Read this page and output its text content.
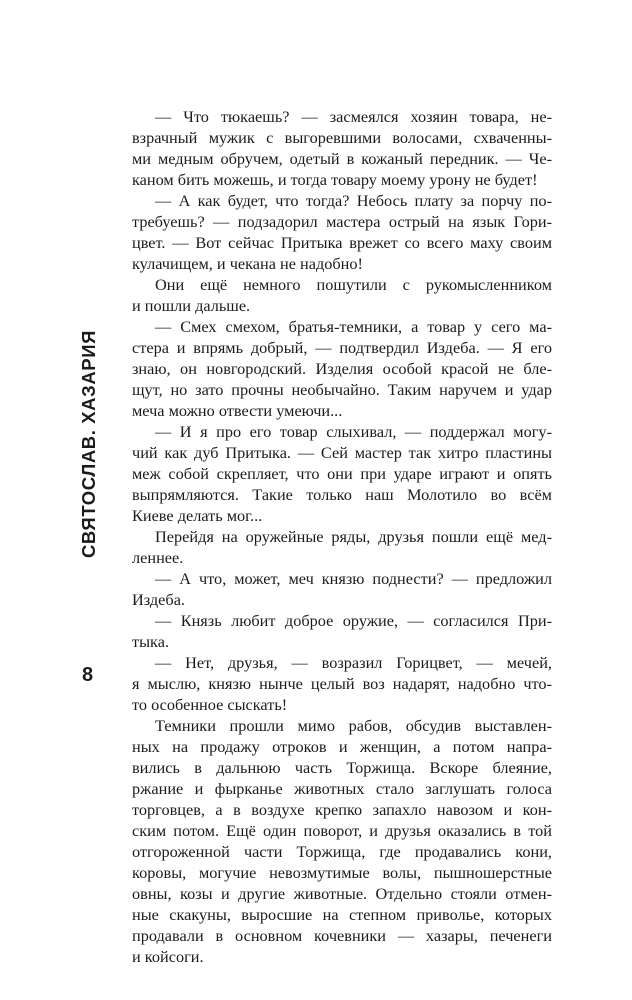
СВЯТОСЛАВ. ХАЗАРИЯ
8
— Что тюкаешь? — засмеялся хозяин товара, не-
взрачный мужик с выгоревшими волосами, схваченны-
ми медным обручем, одетый в кожаный передник. — Че-
каном бить можешь, и тогда товару моему урону не будет!
— А как будет, что тогда? Небось плату за порчу по-
требуешь? — подзадорил мастера острый на язык Гори-
цвет. — Вот сейчас Притыка врежет со всего маху своим
кулачищем, и чекана не надобно!
Они ещё немного пошутили с рукомысленником
и пошли дальше.
— Смех смехом, братья-темники, а товар у сего ма-
стера и впрямь добрый, — подтвердил Издеба. — Я его
знаю, он новгородский. Изделия особой красой не бле-
щут, но зато прочны необычайно. Таким наручем и удар
меча можно отвести умеючи...
— И я про его товар слыхивал, — поддержал могу-
чий как дуб Притыка. — Сей мастер так хитро пластины
меж собой скрепляет, что они при ударе играют и опять
выпрямляются. Такие только наш Молотило во всём
Киеве делать мог...
Перейдя на оружейные ряды, друзья пошли ещё мед-
леннее.
— А что, может, меч князю поднести? — предложил
Издеба.
— Князь любит доброе оружие, — согласился При-
тыка.
— Нет, друзья, — возразил Горицвет, — мечей,
я мыслю, князю нынче целый воз надарят, надобно что-
то особенное сыскать!
Темники прошли мимо рабов, обсудив выставлен-
ных на продажу отроков и женщин, а потом напра-
вились в дальнюю часть Торжища. Вскоре блеяние,
ржание и фырканье животных стало заглушать голоса
торговцев, а в воздухе крепко запахло навозом и кон-
ским потом. Ещё один поворот, и друзья оказались в той
отгороженной части Торжища, где продавались кони,
коровы, могучие невозмутимые волы, пышношерстные
овны, козы и другие животные. Отдельно стояли отмен-
ные скакуны, выросшие на степном приволье, которых
продавали в основном кочевники — хазары, печенеги
и койсоги.
